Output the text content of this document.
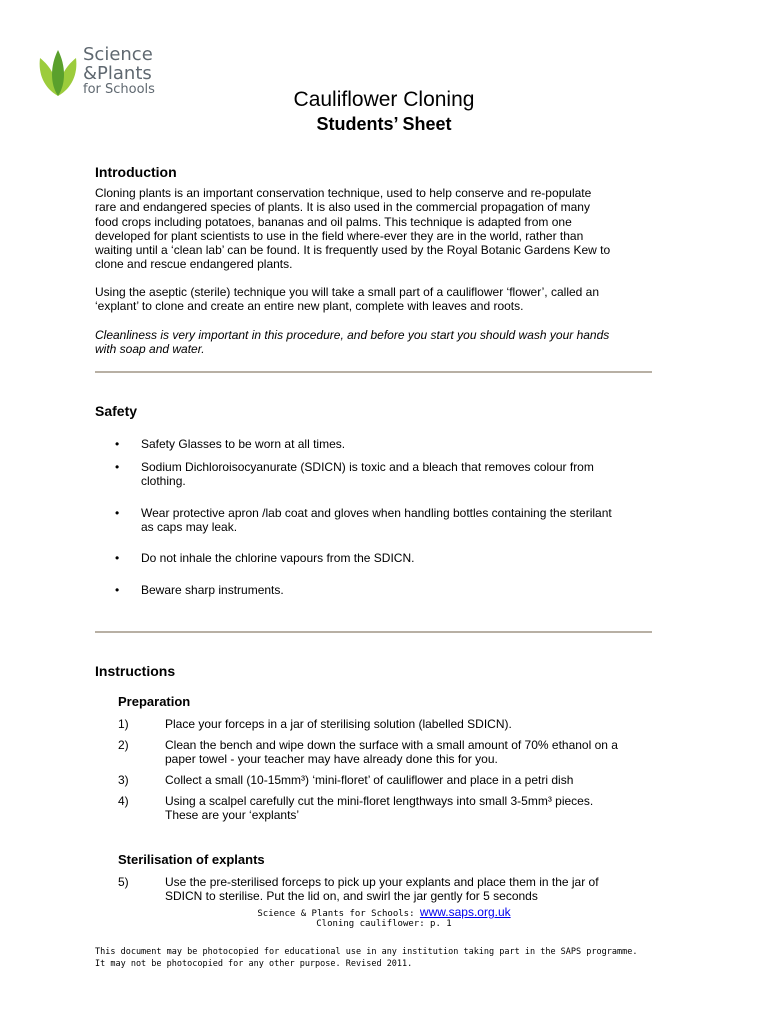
Science
&Plants
for Schools	Cauliflower Cloning
Students’ Sheet
Introduction
Cloning plants is an important conservation technique, used to help conserve and re-populate
rare and endangered species of plants. It is also used in the commercial propagation of many
food crops including potatoes, bananas and oil palms. This technique is adapted from one
developed for plant scientists to use in the field where-ever they are in the world, rather than
waiting until a ‘clean lab’ can be found. It is frequently used by the Royal Botanic Gardens Kew to
clone and rescue endangered plants.
Using the aseptic (sterile) technique you will take a small part of a cauliflower ‘flower’, called an
‘explant’ to clone and create an entire new plant, complete with leaves and roots.
Cleanliness is very important in this procedure, and before you start you should wash your hands
with soap and water.
Safety
• Safety Glasses to be worn at all times.
• Sodium Dichloroisocyanurate (SDICN) is toxic and a bleach that removes colour from
clothing.
• Wear protective apron /lab coat and gloves when handling bottles containing the sterilant
as caps may leak.
• Do not inhale the chlorine vapours from the SDICN.
• Beware sharp instruments.
Instructions
Preparation
1)	Place your forceps in a jar of sterilising solution (labelled SDICN).
2)	Clean the bench and wipe down the surface with a small amount of 70% ethanol on a
paper towel - your teacher may have already done this for you.
3)	Collect a small (10-15mm³) ‘mini-floret’ of cauliflower and place in a petri dish
4)	Using a scalpel carefully cut the mini-floret lengthways into small 3-5mm³ pieces.
These are your ‘explants’
Sterilisation of explants
5)	Use the pre-sterilised forceps to pick up your explants and place them in the jar of
SDICN to sterilise. Put the lid on, and swirl the jar gently for 5 seconds
Science & Plants for Schools: www.saps.org.uk
Cloning cauliflower: p. 1
This document may be photocopied for educational use in any institution taking part in the SAPS programme.
It may not be photocopied for any other purpose. Revised 2011.
